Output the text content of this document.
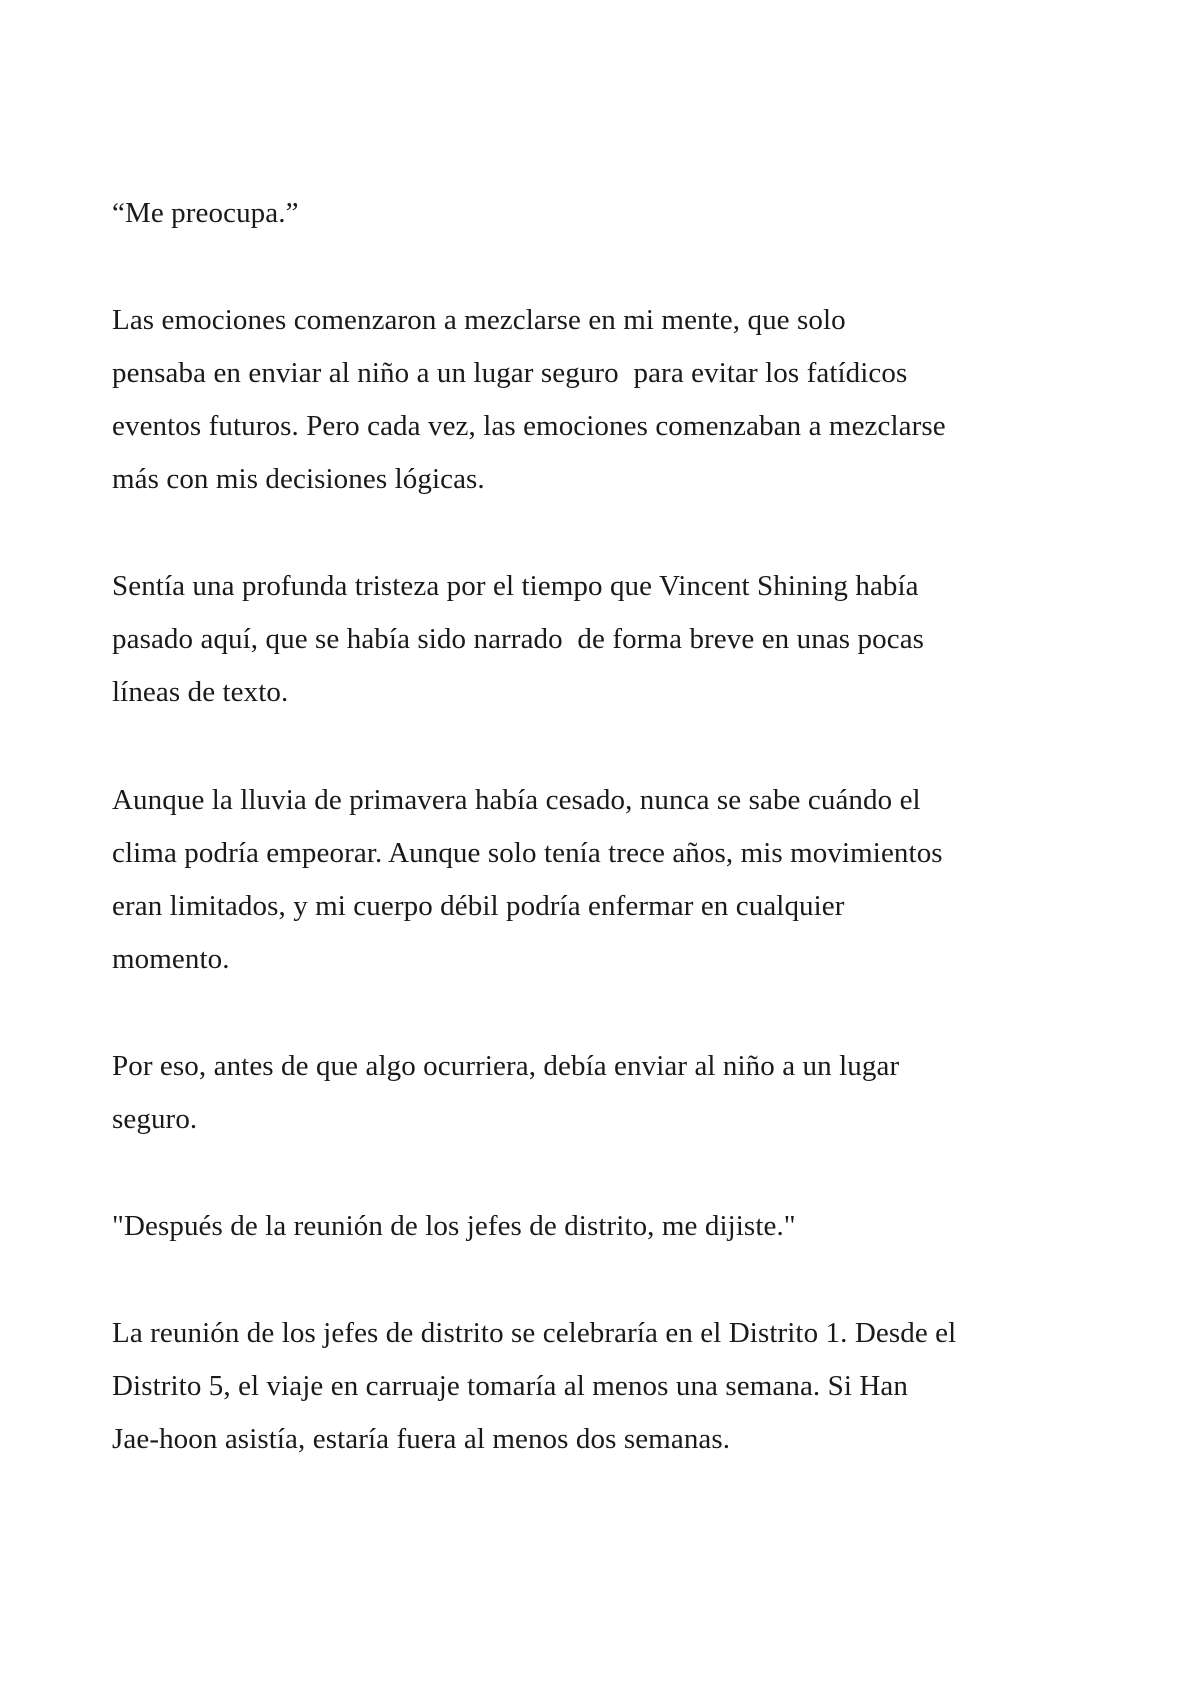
“Me preocupa.”
Las emociones comenzaron a mezclarse en mi mente, que solo
pensaba en enviar al niño a un lugar seguro  para evitar los fatídicos
eventos futuros. Pero cada vez, las emociones comenzaban a mezclarse
más con mis decisiones lógicas.
Sentía una profunda tristeza por el tiempo que Vincent Shining había
pasado aquí, que se había sido narrado  de forma breve en unas pocas
líneas de texto.
Aunque la lluvia de primavera había cesado, nunca se sabe cuándo el
clima podría empeorar. Aunque solo tenía trece años, mis movimientos
eran limitados, y mi cuerpo débil podría enfermar en cualquier
momento.
Por eso, antes de que algo ocurriera, debía enviar al niño a un lugar
seguro.
"Después de la reunión de los jefes de distrito, me dijiste."
La reunión de los jefes de distrito se celebraría en el Distrito 1. Desde el
Distrito 5, el viaje en carruaje tomaría al menos una semana. Si Han
Jae-hoon asistía, estaría fuera al menos dos semanas.
